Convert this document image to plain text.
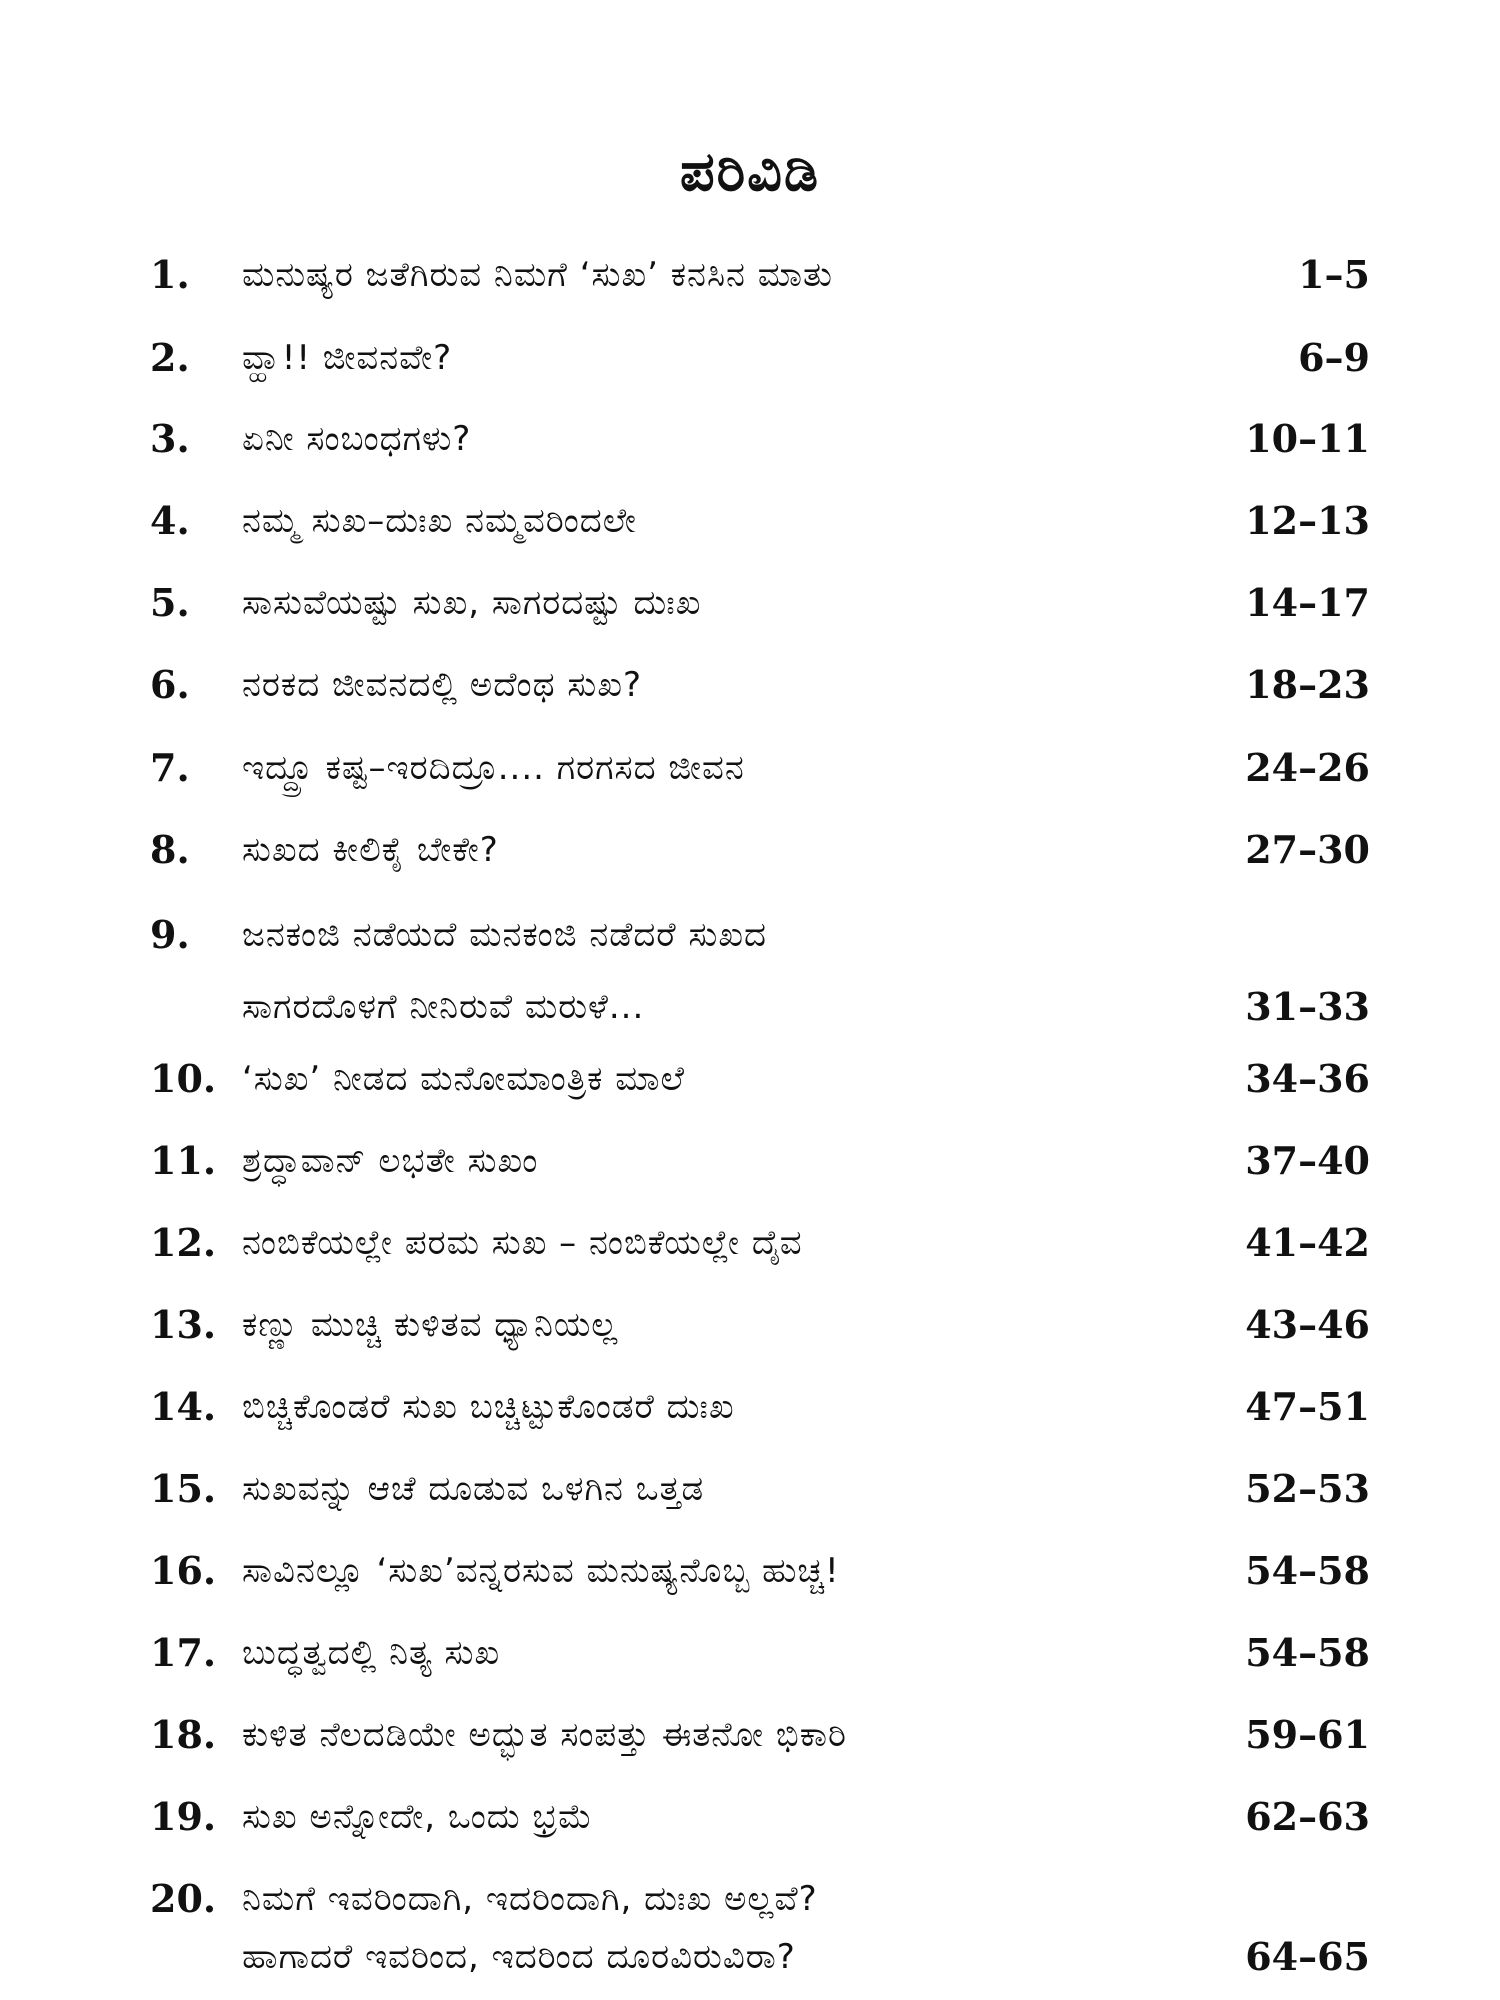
ಪರಿವಿಡಿ
1.	ಮನುಷ್ಯರ ಜತೆಗಿರುವ ನಿಮಗೆ ‘ಸುಖ’ ಕನಸಿನ ಮಾತು	1–5
2.	ವ್ಹಾ!! ಜೀವನವೇ?	6–9
3.	ಏನೀ ಸಂಬಂಧಗಳು?	10–11
4.	ನಮ್ಮ ಸುಖ–ದುಃಖ ನಮ್ಮವರಿಂದಲೇ	12–13
5.	ಸಾಸುವೆಯಷ್ಟು ಸುಖ, ಸಾಗರದಷ್ಟು ದುಃಖ	14–17
6.	ನರಕದ ಜೀವನದಲ್ಲಿ ಅದೆಂಥ ಸುಖ?	18–23
7.	ಇದ್ದ್ರೂ ಕಷ್ಟ–ಇರದಿದ್ರೂ.... ಗರಗಸದ ಜೀವನ	24–26
8.	ಸುಖದ ಕೀಲಿಕೈ ಬೇಕೇ?	27–30
9.	ಜನಕಂಜಿ ನಡೆಯದೆ ಮನಕಂಜಿ ನಡೆದರೆ ಸುಖದ
ಸಾಗರದೊಳಗೆ ನೀನಿರುವೆ ಮರುಳೆ...	31–33
10. ‘ಸುಖ’ ನೀಡದ ಮನೋಮಾಂತ್ರಿಕ ಮಾಲೆ	34–36
11. ಶ್ರದ್ಧಾವಾನ್ ಲಭತೇ ಸುಖಂ	37–40
12. ನಂಬಿಕೆಯಲ್ಲೇ ಪರಮ ಸುಖ – ನಂಬಿಕೆಯಲ್ಲೇ ದೈವ	41–42
13. ಕಣ್ಣು ಮುಚ್ಚಿ ಕುಳಿತವ ಧ್ಯಾನಿಯಲ್ಲ	43–46
14. ಬಿಚ್ಚಿಕೊಂಡರೆ ಸುಖ ಬಚ್ಚಿಟ್ಟುಕೊಂಡರೆ ದುಃಖ	47–51
15. ಸುಖವನ್ನು ಆಚೆ ದೂಡುವ ಒಳಗಿನ ಒತ್ತಡ	52–53
16. ಸಾವಿನಲ್ಲೂ ‘ಸುಖ’ವನ್ನರಸುವ ಮನುಷ್ಯನೊಬ್ಬ ಹುಚ್ಚ!	54–58
17. ಬುದ್ಧತ್ವದಲ್ಲಿ ನಿತ್ಯ ಸುಖ	54–58
18. ಕುಳಿತ ನೆಲದಡಿಯೇ ಅದ್ಭುತ ಸಂಪತ್ತು ಈತನೋ ಭಿಕಾರಿ	59–61
19. ಸುಖ ಅನ್ನೋದೇ, ಒಂದು ಭ್ರಮೆ	62–63
20. ನಿಮಗೆ ಇವರಿಂದಾಗಿ, ಇದರಿಂದಾಗಿ, ದುಃಖ ಅಲ್ಲವೆ?
ಹಾಗಾದರೆ ಇವರಿಂದ, ಇದರಿಂದ ದೂರವಿರುವಿರಾ?	64–65
